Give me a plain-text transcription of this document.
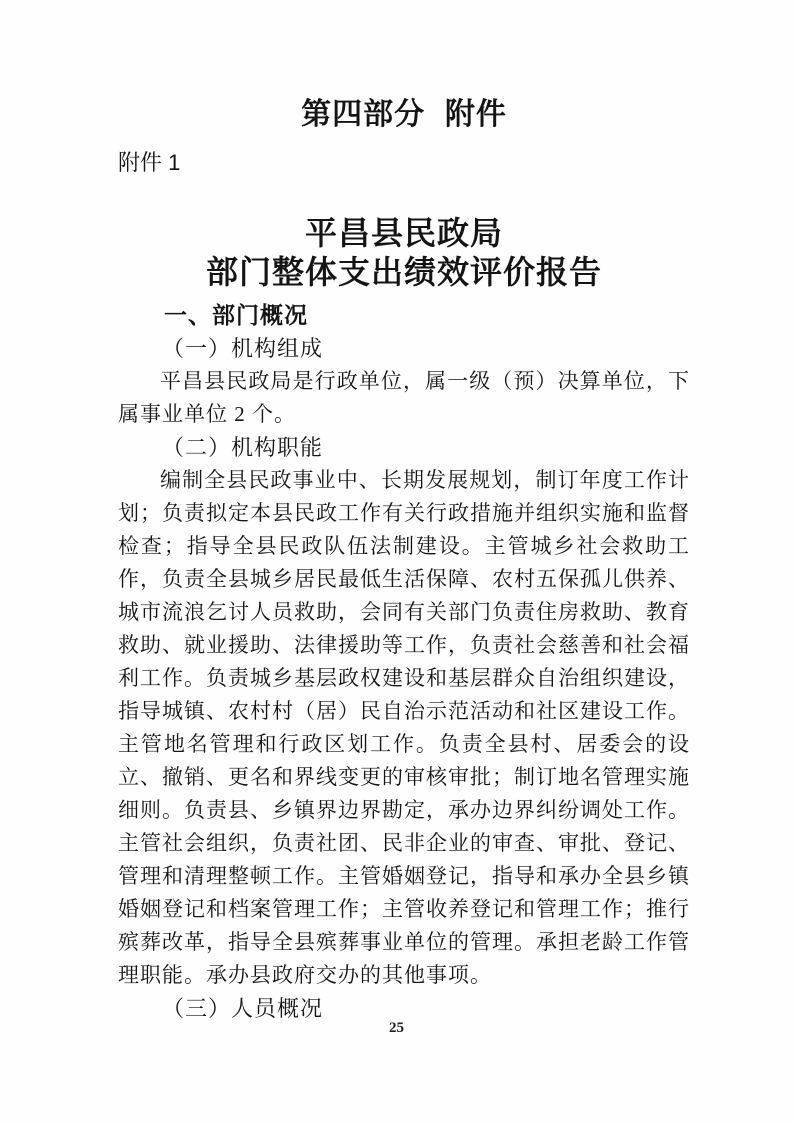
第四部分 附件
附件 1
平昌县民政局
部门整体支出绩效评价报告
一、部门概况
（一）机构组成

平昌县民政局是行政单位，属一级（预）决算单位，下属事业单位 2 个。

（二）机构职能

编制全县民政事业中、长期发展规划，制订年度工作计划；负责拟定本县民政工作有关行政措施并组织实施和监督检查；指导全县民政队伍法制建设。主管城乡社会救助工作，负责全县城乡居民最低生活保障、农村五保孤儿供养、城市流浪乞讨人员救助，会同有关部门负责住房救助、教育救助、就业援助、法律援助等工作，负责社会慈善和社会福利工作。负责城乡基层政权建设和基层群众自治组织建设，指导城镇、农村村（居）民自治示范活动和社区建设工作。主管地名管理和行政区划工作。负责全县村、居委会的设立、撤销、更名和界线变更的审核审批；制订地名管理实施细则。负责县、乡镇界边界勘定，承办边界纠纷调处工作。主管社会组织，负责社团、民非企业的审查、审批、登记、管理和清理整顿工作。主管婚姻登记，指导和承办全县乡镇婚姻登记和档案管理工作；主管收养登记和管理工作；推行殡葬改革，指导全县殡葬事业单位的管理。承担老龄工作管理职能。承办县政府交办的其他事项。

（三）人员概况
25
